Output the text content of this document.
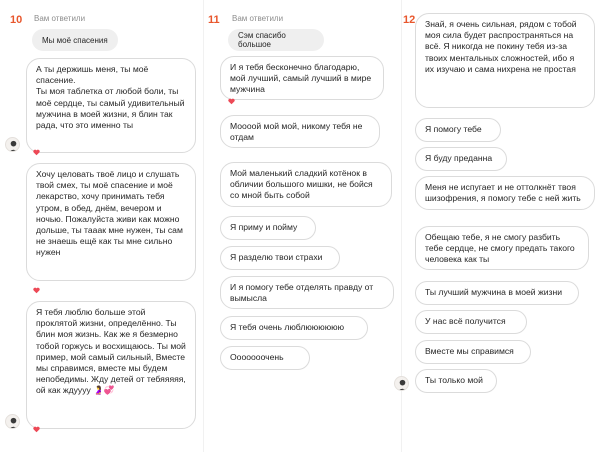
10 Вам ответили
Мы моё спасения
А ты держишь меня, ты моё спасение.
Ты моя таблетка от любой боли, ты моё сердце, ты самый удивительный мужчина в моей жизни, я блин так рада, что это именно ты
Хочу целовать твоё лицо и слушать твой смех, ты моё спасение и моё лекарство, хочу принимать тебя утром, в обед, днём, вечером и ночью. Пожалуйста живи как можно дольше, ты тааак мне нужен, ты сам не знаешь ещё как ты мне сильно нужен
Я тебя люблю больше этой проклятой жизни, определённо. Ты блин моя жизнь. Как же я безмерно тобой горжусь и восхищаюсь. Ты мой пример, мой самый сильный, Вместе мы справимся, вместе мы будем непобедимы. Жду детей от тебяяяяя, ой как ждуууу 🤰💞
11 Вам ответили
Сэм спасибо большое
И я тебя бесконечно благодарю, мой лучший, самый лучший в мире мужчина
Моооой мой мой, никому тебя не отдам
Мой маленький сладкий котёнок в обличии большого мишки, не бойся со мной быть собой
Я приму и пойму
Я разделю твои страхи
И я помогу тебе отделять правду от вымысла
Я тебя очень люблюююююю
Ооооооочень
12	Знай, я очень сильная, рядом с тобой моя сила будет распространяться на всё. Я никогда не покину тебя из-за твоих ментальных сложностей, ибо я их изучаю и сама нихрена не простая
Я помогу тебе
Я буду преданна
Меня не испугает и не оттолкнёт твоя шизофрения, я помогу тебе с ней жить
Обещаю тебе, я не смогу разбить тебе сердце, не смогу предать такого человека как ты
Ты лучший мужчина в моей жизни
У нас всё получится
Вместе мы справимся
Ты только мой
